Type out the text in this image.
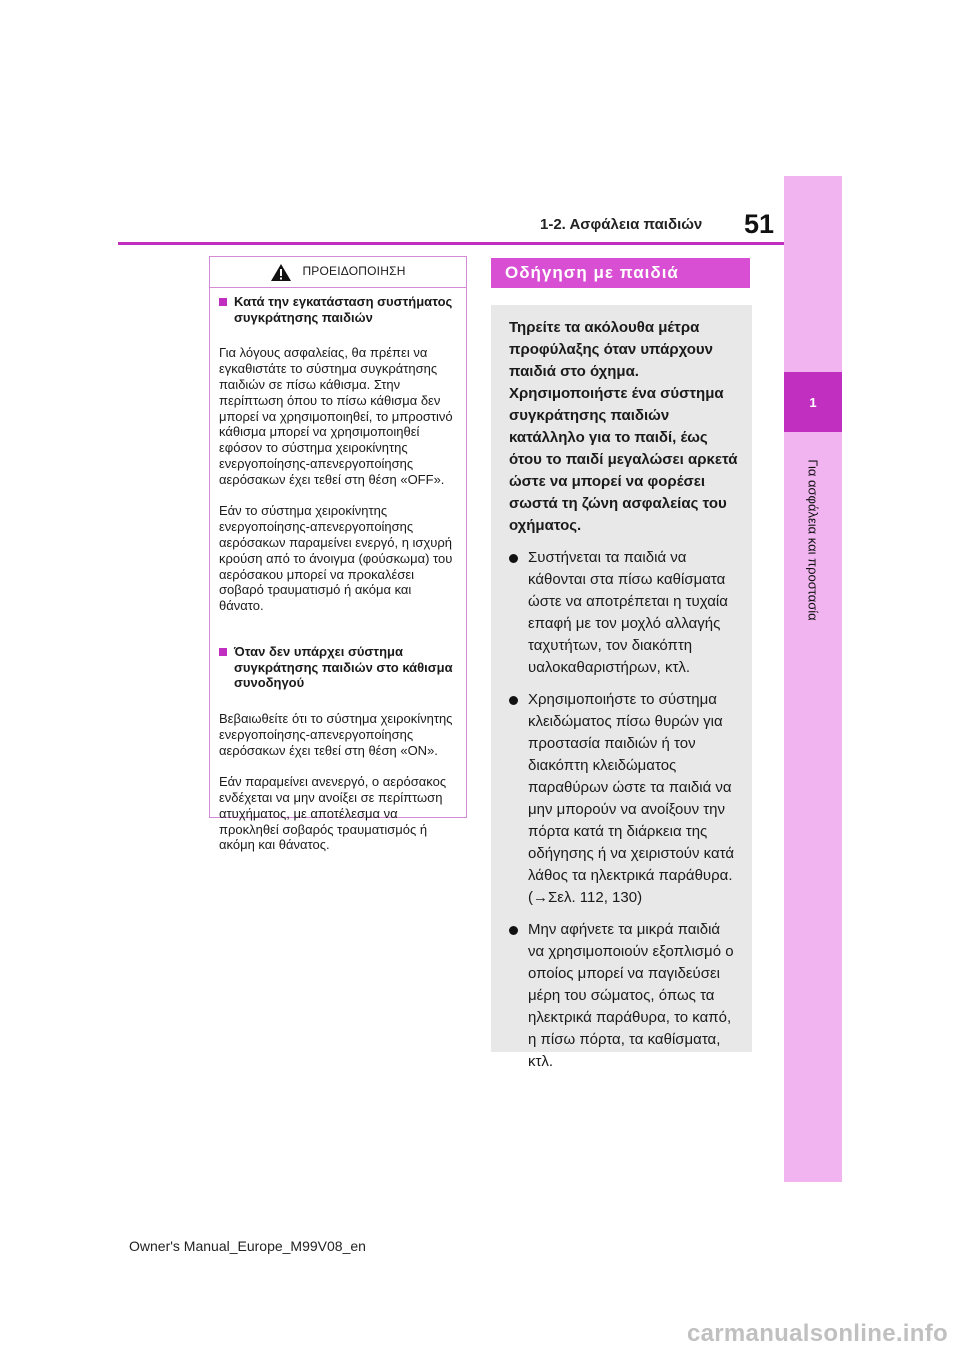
1
Για ασφάλεια και προστασία
1-2. Ασφάλεια παιδιών 51
ΠΡΟΕΙΔΟΠΟΙΗΣΗ
Κατά την εγκατάσταση συστήματος συγκράτησης παιδιών

Για λόγους ασφαλείας, θα πρέπει να εγκαθιστάτε το σύστημα συγκράτησης παιδιών σε πίσω κάθισμα. Στην περίπτωση όπου το πίσω κάθισμα δεν μπορεί να χρησιμοποιηθεί, το μπροστινό κάθισμα μπορεί να χρησιμοποιηθεί εφόσον το σύστημα χειροκίνητης ενεργοποίησης-απενεργοποίησης αερόσακων έχει τεθεί στη θέση «OFF».

Εάν το σύστημα χειροκίνητης ενεργοποίησης-απενεργοποίησης αερόσακων παραμείνει ενεργό, η ισχυρή κρούση από το άνοιγμα (φούσκωμα) του αερόσακου μπορεί να προκαλέσει σοβαρό τραυματισμό ή ακόμα και θάνατο.

Όταν δεν υπάρχει σύστημα συγκράτησης παιδιών στο κάθισμα συνοδηγού

Βεβαιωθείτε ότι το σύστημα χειροκίνητης ενεργοποίησης-απενεργοποίησης αερόσακων έχει τεθεί στη θέση «ON».

Εάν παραμείνει ανενεργό, ο αερόσακος ενδέχεται να μην ανοίξει σε περίπτωση ατυχήματος, με αποτέλεσμα να προκληθεί σοβαρός τραυματισμός ή ακόμη και θάνατος.

Οδήγηση με παιδιά

Τηρείτε τα ακόλουθα μέτρα προφύλαξης όταν υπάρχουν παιδιά στο όχημα. Χρησιμοποιήστε ένα σύστημα συγκράτησης παιδιών κατάλληλο για το παιδί, έως ότου το παιδί μεγαλώσει αρκετά ώστε να μπορεί να φορέσει σωστά τη ζώνη ασφαλείας του οχήματος.

Συστήνεται τα παιδιά να κάθονται στα πίσω καθίσματα ώστε να αποτρέπεται η τυχαία επαφή με τον μοχλό αλλαγής ταχυτήτων, τον διακόπτη υαλοκαθαριστήρων, κτλ.
Χρησιμοποιήστε το σύστημα κλειδώματος πίσω θυρών για προστασία παιδιών ή τον διακόπτη κλειδώματος παραθύρων ώστε τα παιδιά να μην μπορούν να ανοίξουν την πόρτα κατά τη διάρκεια της οδήγησης ή να χειριστούν κατά λάθος τα ηλεκτρικά παράθυρα. (→Σελ. 112, 130)
Μην αφήνετε τα μικρά παιδιά να χρησιμοποιούν εξοπλισμό ο οποίος μπορεί να παγιδεύσει μέρη του σώματος, όπως τα ηλεκτρικά παράθυρα, το καπό, η πίσω πόρτα, τα καθίσματα, κτλ.
Owner's Manual_Europe_M99V08_en
carmanualsonline.info
